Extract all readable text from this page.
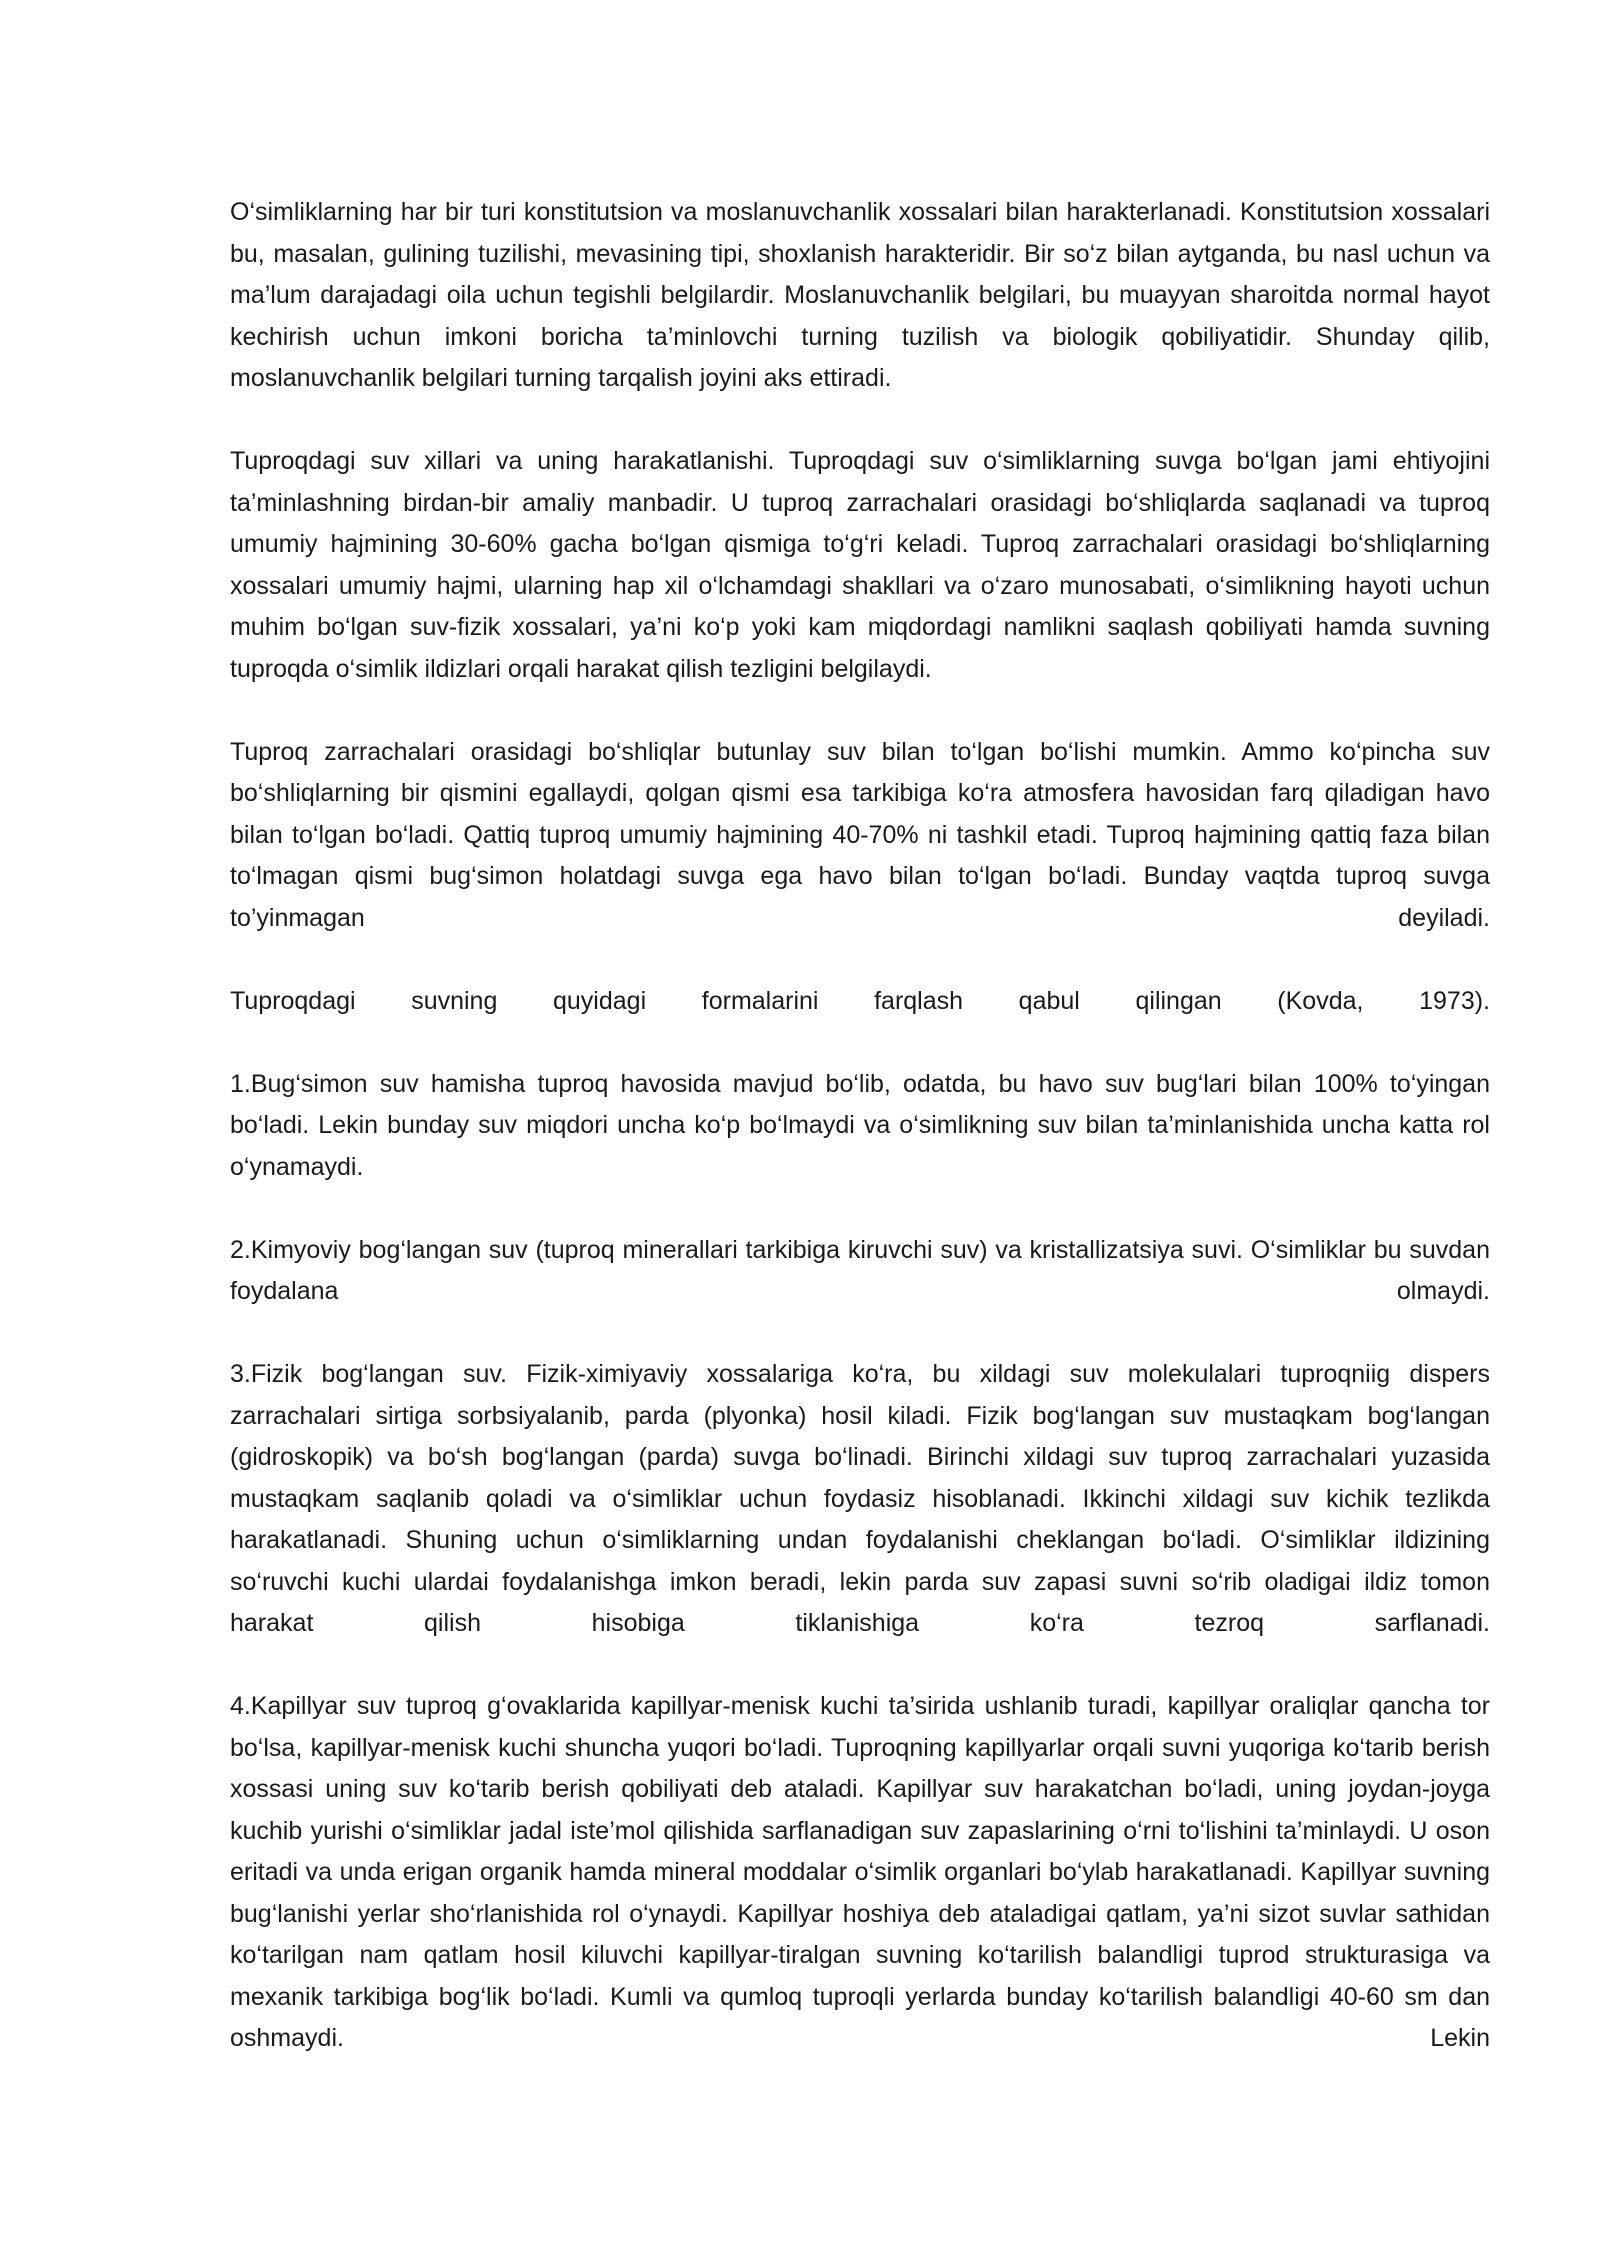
O‘simliklarning har bir turi konstitutsion va moslanuvchanlik xossalari bilan harakterlanadi. Konstitutsion xossalari bu, masalan, gulining tuzilishi, mevasining tipi, shoxlanish harakteridir. Bir so‘z bilan aytganda, bu nasl uchun va ma’lum darajadagi oila uchun tegishli belgilardir. Moslanuvchanlik belgilari, bu muayyan sharoitda normal hayot kechirish uchun imkoni boricha ta’minlovchi turning tuzilish va biologik qobiliyatidir. Shunday qilib, moslanuvchanlik belgilari turning tarqalish joyini aks ettiradi.

Tuproqdagi suv xillari va uning harakatlanishi. Tuproqdagi suv o‘simliklarning suvga bo‘lgan jami ehtiyojini ta’minlashning birdan-bir amaliy manbadir. U tuproq zarrachalari orasidagi bo‘shliqlarda saqlanadi va tuproq umumiy hajmining 30-60% gacha bo‘lgan qismiga to‘g‘ri keladi. Tuproq zarrachalari orasidagi bo‘shliqlarning xossalari umumiy hajmi, ularning hap xil o‘lchamdagi shakllari va o‘zaro munosabati, o‘simlikning hayoti uchun muhim bo‘lgan suv-fizik xossalari, ya’ni ko‘p yoki kam miqdordagi namlikni saqlash qobiliyati hamda suvning tuproqda o‘simlik ildizlari orqali harakat qilish tezligini belgilaydi.

Tuproq zarrachalari orasidagi bo‘shliqlar butunlay suv bilan to‘lgan bo‘lishi mumkin. Ammo ko‘pincha suv bo‘shliqlarning bir qismini egallaydi, qolgan qismi esa tarkibiga ko‘ra atmosfera havosidan farq qiladigan havo bilan to‘lgan bo‘ladi. Qattiq tuproq umumiy hajmining 40-70% ni tashkil etadi. Tuproq hajmining qattiq faza bilan to‘lmagan qismi bug‘simon holatdagi suvga ega havo bilan to‘lgan bo‘ladi. Bunday vaqtda tuproq suvga to’yinmagan deyiladi.

Tuproqdagi suvning quyidagi formalarini farqlash qabul qilingan (Kovda, 1973).

1.Bug‘simon suv hamisha tuproq havosida mavjud bo‘lib, odatda, bu havo suv bug‘lari bilan 100% to‘yingan bo‘ladi. Lekin bunday suv miqdori uncha ko‘p bo‘lmaydi va o‘simlikning suv bilan ta’minlanishida uncha katta rol o‘ynamaydi.

2.Kimyoviy bog‘langan suv (tuproq minerallari tarkibiga kiruvchi suv) va kristallizatsiya suvi. O‘simliklar bu suvdan foydalana olmaydi.

3.Fizik bog‘langan suv. Fizik-ximiyaviy xossalariga ko‘ra, bu xildagi suv molekulalari tuproqniig dispers zarrachalari sirtiga sorbsiyalanib, parda (plyonka) hosil kiladi. Fizik bog‘langan suv mustaqkam bog‘langan (gidroskopik) va bo‘sh bog‘langan (parda) suvga bo‘linadi. Birinchi xildagi suv tuproq zarrachalari yuzasida mustaqkam saqlanib qoladi va o‘simliklar uchun foydasiz hisoblanadi. Ikkinchi xildagi suv kichik tezlikda harakatlanadi. Shuning uchun o‘simliklarning undan foydalanishi cheklangan bo‘ladi. O‘simliklar ildizining so‘ruvchi kuchi ulardai foydalanishga imkon beradi, lekin parda suv zapasi suvni so‘rib oladigai ildiz tomon harakat qilish hisobiga tiklanishiga ko‘ra tezroq sarflanadi.

4.Kapillyar suv tuproq g‘ovaklarida kapillyar-menisk kuchi ta’sirida ushlanib turadi, kapillyar oraliqlar qancha tor bo‘lsa, kapillyar-menisk kuchi shuncha yuqori bo‘ladi. Tuproqning kapillyarlar orqali suvni yuqoriga ko‘tarib berish xossasi uning suv ko‘tarib berish qobiliyati deb ataladi. Kapillyar suv harakatchan bo‘ladi, uning joydan-joyga kuchib yurishi o‘simliklar jadal iste’mol qilishida sarflanadigan suv zapaslarining o‘rni to‘lishini ta’minlaydi. U oson eritadi va unda erigan organik hamda mineral moddalar o‘simlik organlari bo‘ylab harakatlanadi. Kapillyar suvning bug‘lanishi yerlar sho‘rlanishida rol o‘ynaydi. Kapillyar hoshiya deb ataladigai qatlam, ya’ni sizot suvlar sathidan ko‘tarilgan nam qatlam hosil kiluvchi kapillyar-tiralgan suvning ko‘tarilish balandligi tuprod strukturasiga va mexanik tarkibiga bog‘lik bo‘ladi. Kumli va qumloq tuproqli yerlarda bunday ko‘tarilish balandligi 40-60 sm dan oshmaydi. Lekin
